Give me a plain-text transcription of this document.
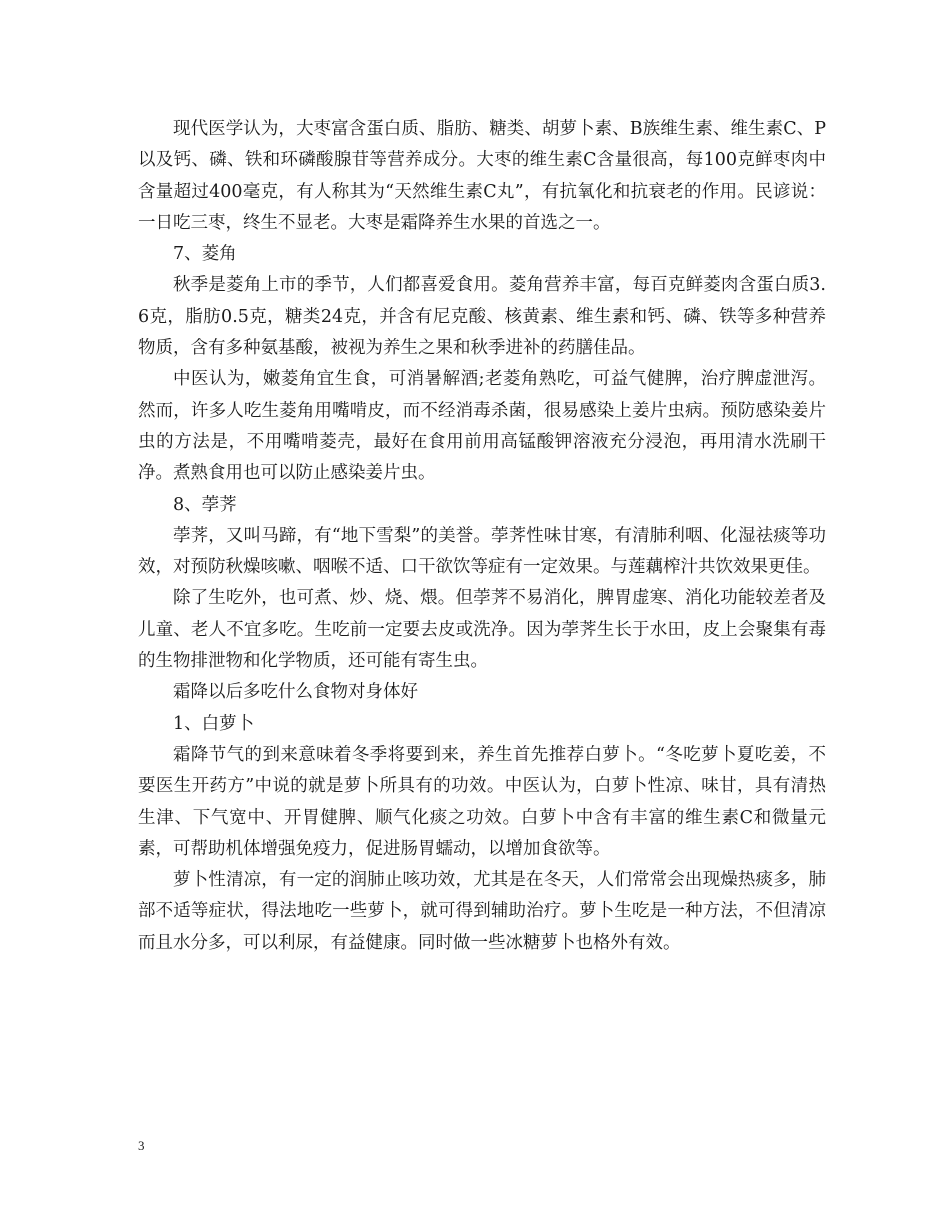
现代医学认为，大枣富含蛋白质、脂肪、糖类、胡萝卜素、B族维生素、维生素C、P以及钙、磷、铁和环磷酸腺苷等营养成分。大枣的维生素C含量很高，每100克鲜枣肉中含量超过400毫克，有人称其为“天然维生素C丸”，有抗氧化和抗衰老的作用。民谚说：一日吃三枣，终生不显老。大枣是霜降养生水果的首选之一。

7、菱角

秋季是菱角上市的季节，人们都喜爱食用。菱角营养丰富，每百克鲜菱肉含蛋白质3.6克，脂肪0.5克，糖类24克，并含有尼克酸、核黄素、维生素和钙、磷、铁等多种营养物质，含有多种氨基酸，被视为养生之果和秋季进补的药膳佳品。

中医认为，嫩菱角宜生食，可消暑解酒;老菱角熟吃，可益气健脾，治疗脾虚泄泻。然而，许多人吃生菱角用嘴啃皮，而不经消毒杀菌，很易感染上姜片虫病。预防感染姜片虫的方法是，不用嘴啃菱壳，最好在食用前用高锰酸钾溶液充分浸泡，再用清水洗刷干净。煮熟食用也可以防止感染姜片虫。

8、荸荠

荸荠，又叫马蹄，有“地下雪梨”的美誉。荸荠性味甘寒，有清肺利咽、化湿祛痰等功效，对预防秋燥咳嗽、咽喉不适、口干欲饮等症有一定效果。与莲藕榨汁共饮效果更佳。

除了生吃外，也可煮、炒、烧、煨。但荸荠不易消化，脾胃虚寒、消化功能较差者及儿童、老人不宜多吃。生吃前一定要去皮或洗净。因为荸荠生长于水田，皮上会聚集有毒的生物排泄物和化学物质，还可能有寄生虫。

霜降以后多吃什么食物对身体好

1、白萝卜

霜降节气的到来意味着冬季将要到来，养生首先推荐白萝卜。“冬吃萝卜夏吃姜，不要医生开药方”中说的就是萝卜所具有的功效。中医认为，白萝卜性凉、味甘，具有清热生津、下气宽中、开胃健脾、顺气化痰之功效。白萝卜中含有丰富的维生素C和微量元素，可帮助机体增强免疫力，促进肠胃蠕动，以增加食欲等。

萝卜性清凉，有一定的润肺止咳功效，尤其是在冬天，人们常常会出现燥热痰多，肺部不适等症状，得法地吃一些萝卜，就可得到辅助治疗。萝卜生吃是一种方法，不但清凉而且水分多，可以利尿，有益健康。同时做一些冰糖萝卜也格外有效。

3
